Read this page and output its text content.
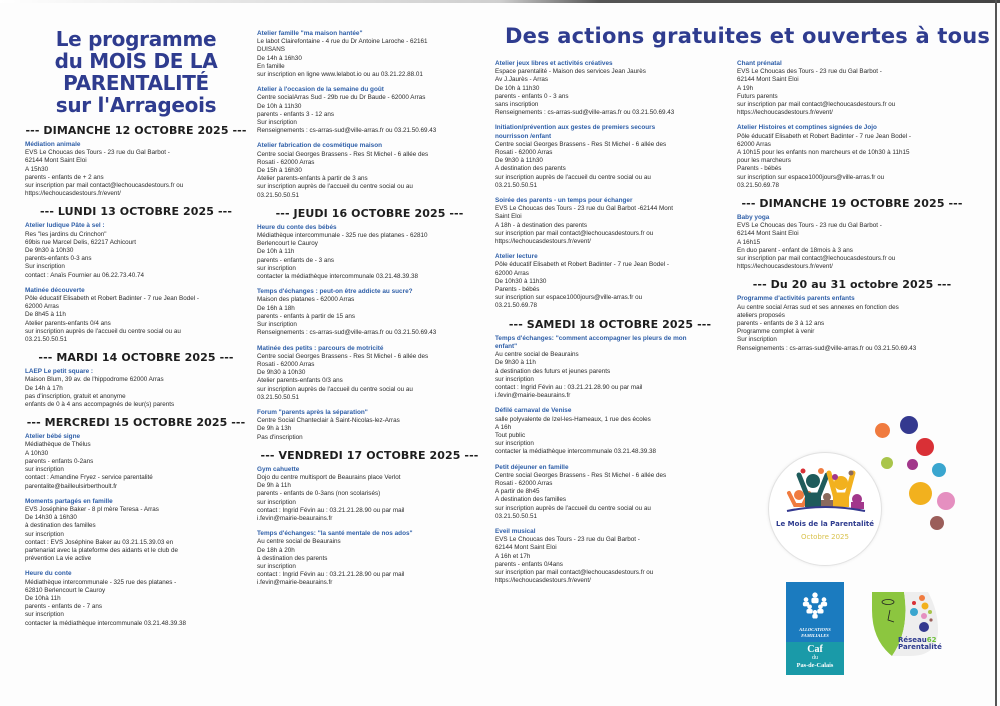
Des actions gratuites et ouvertes à tous
Le programme
du MOIS DE LA
PARENTALITÉ
sur l'Arrageois
--- DIMANCHE 12 OCTOBRE 2025 ---
Médiation animale
EVS Le Choucas des Tours - 23 rue du Gal Barbot -
62144 Mont Saint Eloi
A 15h30
parents - enfants de + 2 ans
sur inscription par mail contact@lechoucasdestours.fr ou
https://lechoucasdestours.fr/event/
--- LUNDI 13 OCTOBRE 2025 ---
Atelier ludique Pâte à sel :
Res "les jardins du Crinchon"
69bis rue Marcel Delis, 62217 Achicourt
De 9h30 à 10h30
parents-enfants 0-3 ans
Sur inscription
contact : Anaïs Fournier au 06.22.73.40.74
Matinée découverte
Pôle éducatif Elisabeth et Robert Badinter - 7 rue Jean Bodel -
62000 Arras
De 8h45 à 11h
Atelier parents-enfants 0/4 ans
sur inscription auprès de l'accueil du centre social ou au
03.21.50.50.51
--- MARDI 14 OCTOBRE 2025 ---
LAEP Le petit square :
Maison Blum, 39 av. de l'hippodrome 62000 Arras
De 14h à 17h
pas d'inscription, gratuit et anonyme
enfants de 0 à 4 ans accompagnés de leur(s) parents
--- MERCREDI 15 OCTOBRE 2025 ---
Atelier bébé signe
Médiathèque de Thélus
A 10h30
parents - enfants 0-2ans
sur inscription
contact : Amandine Fryez - service parentalité
parentalite@bailleulsirberthoult.fr
Moments partagés en famille
EVS Joséphine Baker - 8 pl mère Teresa - Arras
De 14h30 à 16h30
à destination des familles
sur inscription
contact : EVS Joséphine Baker au 03.21.15.39.03 en
partenariat avec la plateforme des aidants et le club de
prévention La vie active
Heure du conte
Médiathèque intercommunale - 325 rue des platanes -
62810 Berlencourt le Cauroy
De 10hà 11h
parents - enfants de - 7 ans
sur inscription
contacter la médiathèque intercommunale 03.21.48.39.38
Atelier famille "ma maison hantée"
Le labot Clairefontaine - 4 rue du Dr Antoine Laroche - 62161
DUISANS
De 14h à 16h30
En famille
sur inscription en ligne www.lelabot.io ou au 03.21.22.88.01
Atelier à l'occasion de la semaine du goût
Centre socialArras Sud - 29b rue du Dr Baude - 62000 Arras
De 10h à 11h30
parents - enfants 3 - 12 ans
Sur inscription
Renseignements : cs-arras-sud@ville-arras.fr ou 03.21.50.69.43
Atelier fabrication de cosmétique maison
Centre social Georges Brassens - Res St Michel - 6 allée des
Rosati - 62000 Arras
De 15h à 16h30
Atelier parents-enfants à partir de 3 ans
sur inscription auprès de l'accueil du centre social ou au
03.21.50.50.51
--- JEUDI 16 OCTOBRE 2025 ---
Heure du conte des bébés
Médiathèque intercommunale - 325 rue des platanes - 62810
Berlencourt le Cauroy
De 10h à 11h
parents - enfants de - 3 ans
sur inscription
contacter la médiathèque intercommunale 03.21.48.39.38
Temps d'échanges : peut-on être addicte au sucre?
Maison des platanes - 62000 Arras
De 16h à 18h
parents - enfants à partir de 15 ans
Sur inscription
Renseignements : cs-arras-sud@ville-arras.fr ou 03.21.50.69.43
Matinée des petits : parcours de motricité
Centre social Georges Brassens - Res St Michel - 6 allée des
Rosati - 62000 Arras
De 9h30 à 10h30
Atelier parents-enfants 0/3 ans
sur inscription auprès de l'accueil du centre social ou au
03.21.50.50.51
Forum "parents après la séparation"
Centre Social Chanteclair à Saint-Nicolas-lez-Arras
De 9h à 13h
Pas d'inscription
--- VENDREDI 17 OCTOBRE 2025 ---
Gym cahuette
Dojo du centre multisport de Beaurains place Verlot
De 9h à 11h
parents - enfants de 0-3ans (non scolarisés)
sur inscription
contact : Ingrid Févin au : 03.21.21.28.90 ou par mail
i.fevin@mairie-beaurains.fr
Temps d'échanges: "la santé mentale de nos ados"
Au centre social de Beaurains
De 18h à 20h
à destination des parents
sur inscription
contact : Ingrid Févin au : 03.21.21.28.90 ou par mail
i.fevin@mairie-beaurains.fr
Atelier jeux libres et activités créatives
Espace parentalité - Maison des services Jean Jaurès
Av J.Jaurès - Arras
De 10h à 11h30
parents - enfants 0 - 3 ans
sans inscription
Renseignements : cs-arras-sud@ville-arras.fr ou 03.21.50.69.43
Initiation/prévention aux gestes de premiers secours
nourrisson /enfant
Centre social Georges Brassens - Res St Michel - 6 allée des
Rosati - 62000 Arras
De 9h30 à 11h30
A destination des parents
sur inscription auprès de l'accueil du centre social ou au
03.21.50.50.51
Soirée des parents - un temps pour échanger
EVS Le Choucas des Tours - 23 rue du Gal Barbot -62144 Mont
Saint Eloi
A 18h - à destination des parents
sur inscription par mail contact@lechoucasdestours.fr ou
https://lechoucasdestours.fr/event/
Atelier lecture
Pôle éducatif Elisabeth et Robert Badinter - 7 rue Jean Bodel -
62000 Arras
De 10h30 à 11h30
Parents - bébés
sur inscription sur espace1000jours@ville-arras.fr ou
03.21.50.69.78
--- SAMEDI 18 OCTOBRE 2025 ---
Temps d'échanges: "comment accompagner les pleurs de mon
enfant"
Au centre social de Beaurains
De 9h30 à 11h
à destination des futurs et jeunes parents
sur inscription
contact : Ingrid Févin au : 03.21.21.28.90 ou par mail
i.fevin@mairie-beaurains.fr
Défilé carnaval de Venise
salle polyvalente de Izel-les-Hameaux, 1 rue des écoles
A 16h
Tout public
sur inscription
contacter la médiathèque intercommunale 03.21.48.39.38
Petit déjeuner en famille
Centre social Georges Brassens - Res St Michel - 6 allée des
Rosati - 62000 Arras
A partir de 8h45
A destination des familles
sur inscription auprès de l'accueil du centre social ou au
03.21.50.50.51
Eveil musical
EVS Le Choucas des Tours - 23 rue du Gal Barbot -
62144 Mont Saint Eloi
A 16h et 17h
parents - enfants 0/4ans
sur inscription par mail contact@lechoucasdestours.fr ou
https://lechoucasdestours.fr/event/
Chant prénatal
EVS Le Choucas des Tours - 23 rue du Gal Barbot -
62144 Mont Saint Eloi
A 19h
Futurs parents
sur inscription par mail contact@lechoucasdestours.fr ou
https://lechoucasdestours.fr/event/
Atelier Histoires et comptines signées de Jojo
Pôle éducatif Elisabeth et Robert Badinter - 7 rue Jean Bodel -
62000 Arras
A 10h15 pour les enfants non marcheurs et de 10h30 à 11h15
pour les marcheurs
Parents - bébés
sur inscription sur espace1000jours@ville-arras.fr ou
03.21.50.69.78
--- DIMANCHE 19 OCTOBRE 2025 ---
Baby yoga
EVS Le Choucas des Tours - 23 rue du Gal Barbot -
62144 Mont Saint Eloi
A 16h15
En duo parent - enfant de 18mois à 3 ans
sur inscription par mail contact@lechoucasdestours.fr ou
https://lechoucasdestours.fr/event/
--- Du 20 au 31 octobre 2025 ---
Programme d'activités parents enfants
Au centre social Arras sud et ses annexes en fonction des
ateliers proposés
parents - enfants de 3 à 12 ans
Programme complet à venir
Sur inscription
Renseignements : cs-arras-sud@ville-arras.fr ou 03.21.50.69.43
Le Mois de la Parentalité
Octobre 2025
ALLOCATIONS FAMILIALES
Caf
du
Pas-de-Calais
Réseau62
Parentalité
